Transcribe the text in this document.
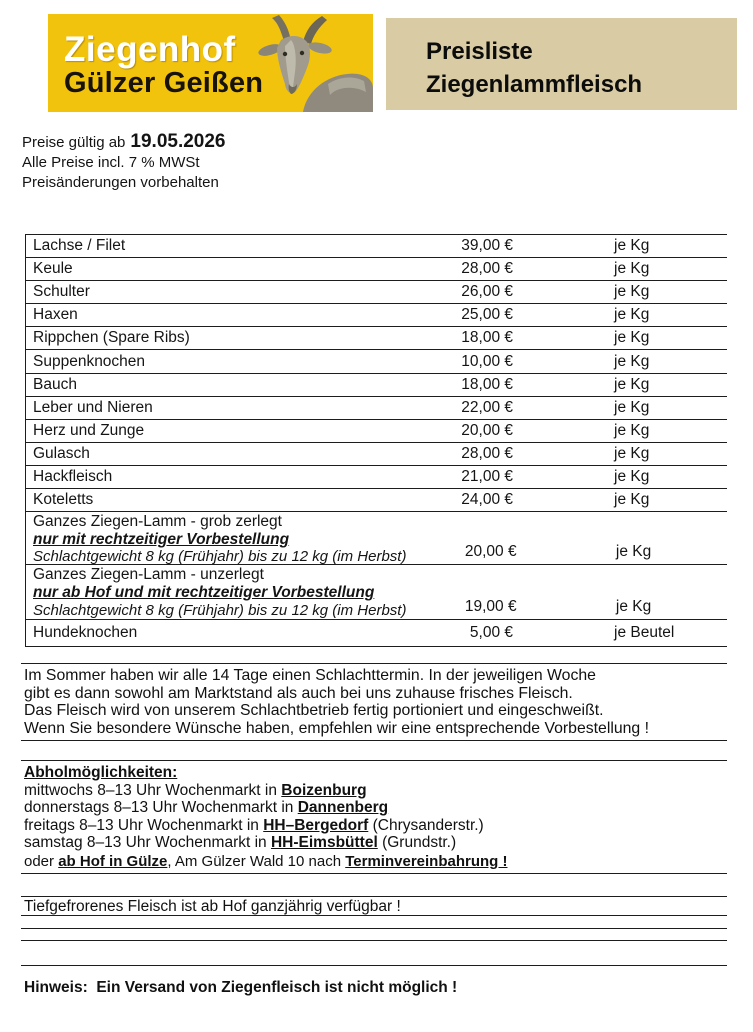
Ziegenhof
Gülzer Geißen
Preisliste
Ziegenlammfleisch
Preise gültig ab 19.05.2026
Alle Preise incl. 7 % MWSt
Preisänderungen vorbehalten
Lachse / Filet	39,00 €	je Kg
Keule	28,00 €	je Kg
Schulter	26,00 €	je Kg
Haxen	25,00 €	je Kg
Rippchen (Spare Ribs)	18,00 €	je Kg
Suppenknochen	10,00 €	je Kg
Bauch	18,00 €	je Kg
Leber und Nieren	22,00 €	je Kg
Herz und Zunge	20,00 €	je Kg
Gulasch	28,00 €	je Kg
Hackfleisch	21,00 €	je Kg
Koteletts	24,00 €	je Kg
Ganzes Ziegen-Lamm - grob zerlegt
nur mit rechtzeitiger Vorbestellung
Schlachtgewicht 8 kg (Frühjahr) bis zu 12 kg (im Herbst)	20,00 €	je Kg
Ganzes Ziegen-Lamm - unzerlegt
nur ab Hof und mit rechtzeitiger Vorbestellung
Schlachtgewicht 8 kg (Frühjahr) bis zu 12 kg (im Herbst)	19,00 €	je Kg
Hundeknochen	5,00 €	je Beutel
Im Sommer haben wir alle 14 Tage einen Schlachttermin. In der jeweiligen Woche
gibt es dann sowohl am Marktstand als auch bei uns zuhause frisches Fleisch.
Das Fleisch wird von unserem Schlachtbetrieb fertig portioniert und eingeschweißt.
Wenn Sie besondere Wünsche haben, empfehlen wir eine entsprechende Vorbestellung !
Abholmöglichkeiten:
mittwochs 8–13 Uhr Wochenmarkt in Boizenburg
donnerstags 8–13 Uhr Wochenmarkt in Dannenberg
freitags 8–13 Uhr Wochenmarkt in HH–Bergedorf (Chrysanderstr.)
samstag 8–13 Uhr Wochenmarkt in HH-Eimsbüttel (Grundstr.)
oder ab Hof in Gülze, Am Gülzer Wald 10 nach Terminvereinbahrung !
Tiefgefrorenes Fleisch ist ab Hof ganzjährig verfügbar !

Hinweis:  Ein Versand von Ziegenfleisch ist nicht möglich !
